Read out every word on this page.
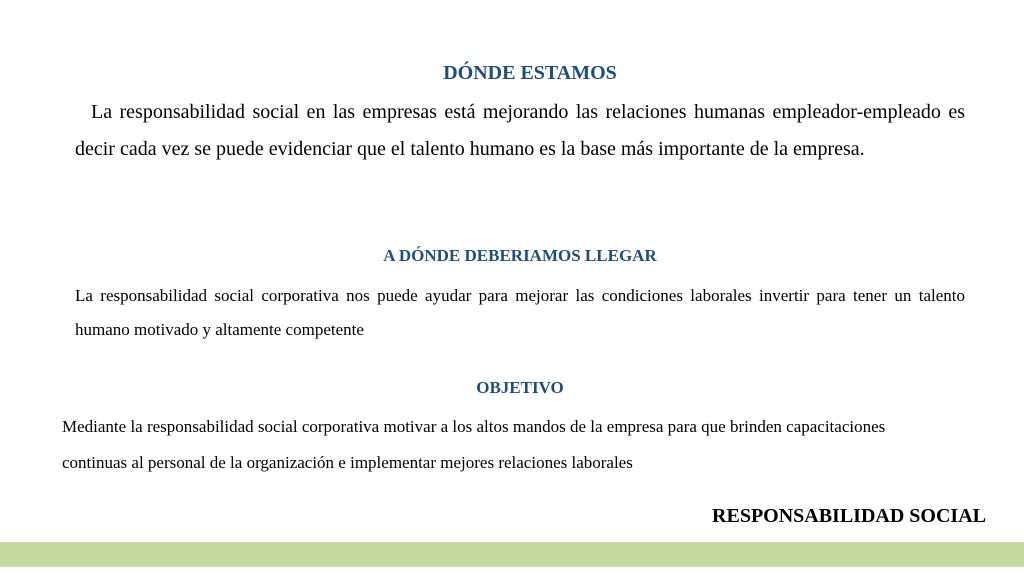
DÓNDE ESTAMOS
La responsabilidad social en las empresas está mejorando las relaciones humanas empleador-empleado es decir cada vez se puede evidenciar que el talento humano es la base más importante de la empresa.
A DÓNDE DEBERIAMOS LLEGAR
La responsabilidad social corporativa nos puede ayudar para mejorar las condiciones laborales invertir para tener un talento humano motivado y altamente competente
OBJETIVO
Mediante la responsabilidad social corporativa motivar a los altos mandos de la empresa para que brinden capacitaciones continuas al personal de la organización e implementar mejores relaciones laborales
RESPONSABILIDAD SOCIAL
